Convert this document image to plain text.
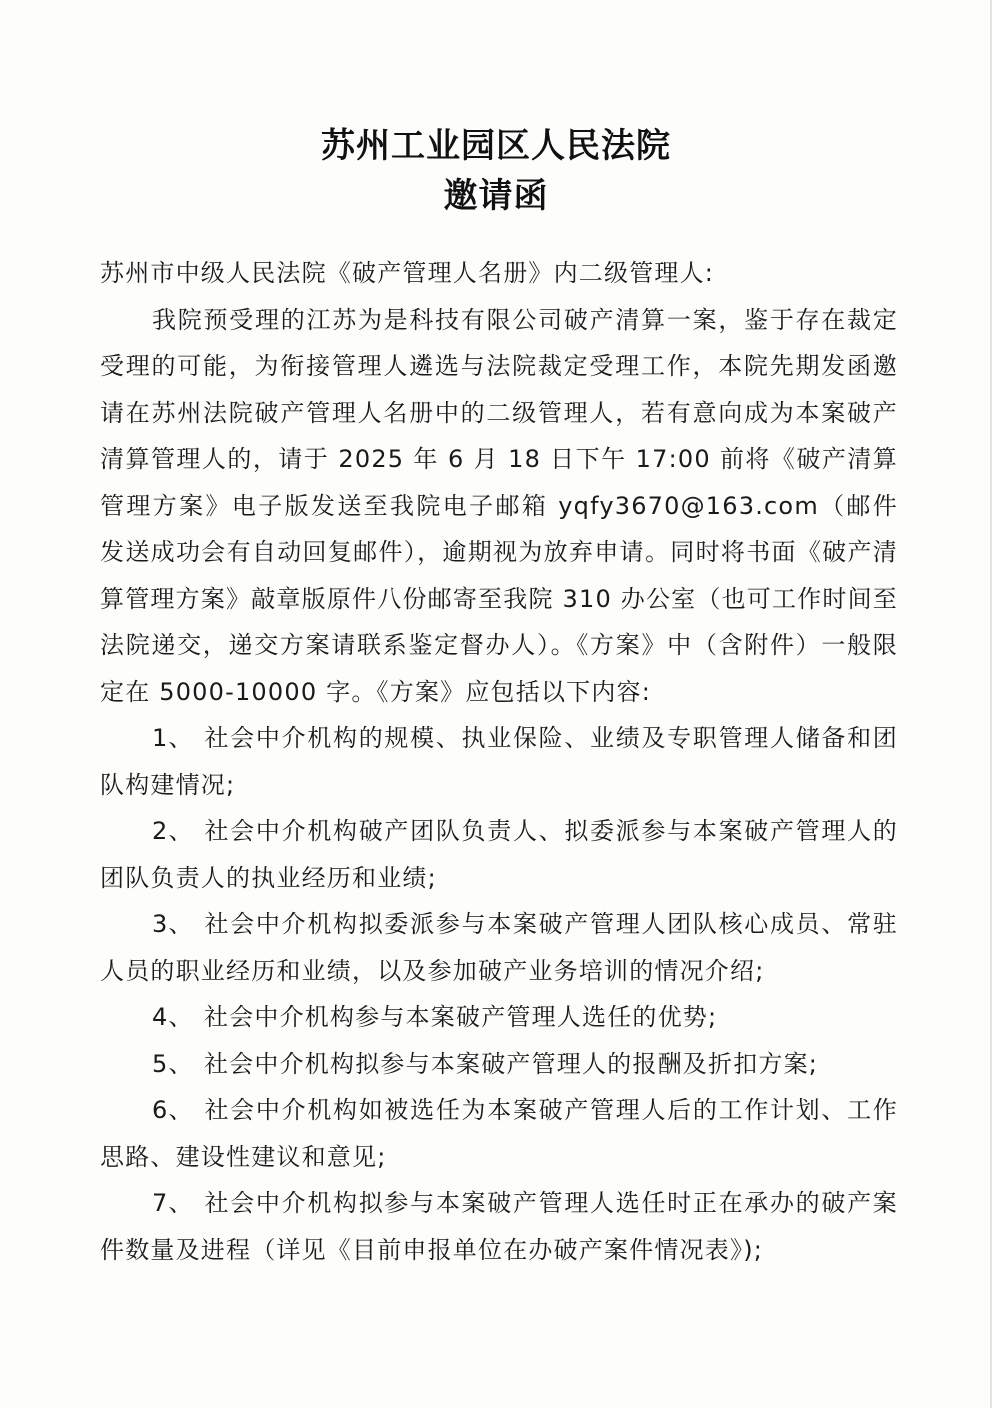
苏州工业园区人民法院
邀请函

苏州市中级人民法院《破产管理人名册》内二级管理人:

我院预受理的江苏为是科技有限公司破产清算一案，鉴于存在裁定受理的可能，为衔接管理人遴选与法院裁定受理工作，本院先期发函邀请在苏州法院破产管理人名册中的二级管理人，若有意向成为本案破产清算管理人的，请于 2025 年 6 月 18 日下午 17:00 前将《破产清算管理方案》电子版发送至我院电子邮箱 yqfy3670@163.com（邮件发送成功会有自动回复邮件），逾期视为放弃申请。同时将书面《破产清算管理方案》敲章版原件八份邮寄至我院 310 办公室（也可工作时间至法院递交，递交方案请联系鉴定督办人）。《方案》中（含附件）一般限定在 5000-10000 字。《方案》应包括以下内容:

1、 社会中介机构的规模、执业保险、业绩及专职管理人储备和团队构建情况;

2、 社会中介机构破产团队负责人、拟委派参与本案破产管理人的团队负责人的执业经历和业绩;

3、 社会中介机构拟委派参与本案破产管理人团队核心成员、常驻人员的职业经历和业绩，以及参加破产业务培训的情况介绍;

4、 社会中介机构参与本案破产管理人选任的优势;

5、 社会中介机构拟参与本案破产管理人的报酬及折扣方案;

6、 社会中介机构如被选任为本案破产管理人后的工作计划、工作思路、建设性建议和意见;

7、 社会中介机构拟参与本案破产管理人选任时正在承办的破产案件数量及进程（详见《目前申报单位在办破产案件情况表》);
